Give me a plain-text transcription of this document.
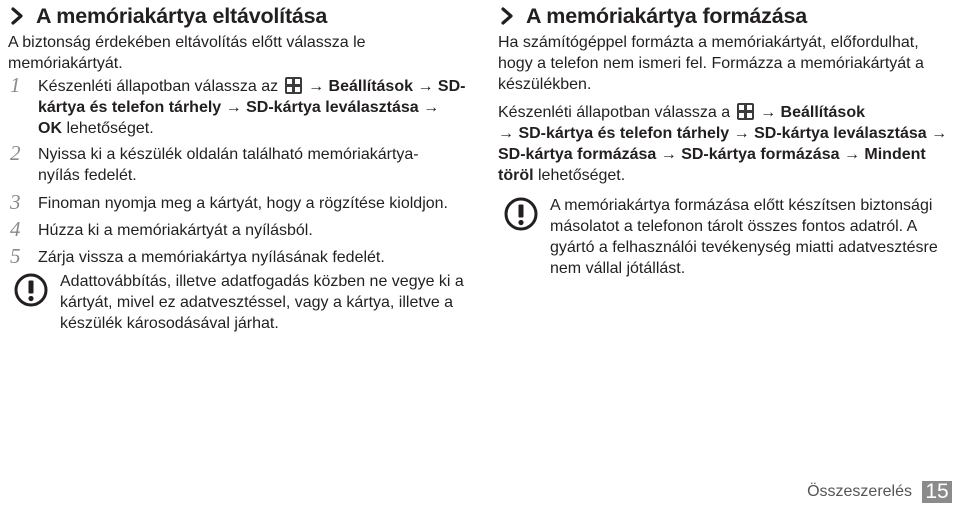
A memóriakártya eltávolítása
A biztonság érdekében eltávolítás előtt válassza le memóriakártyát.
1 Készenléti állapotban válassza az → Beállítások → SD-kártya és telefon tárhely → SD-kártya leválasztása → OK lehetőséget.
2 Nyissa ki a készülék oldalán található memóriakártya-nyílás fedelét.
3 Finoman nyomja meg a kártyát, hogy a rögzítése kioldjon.
4 Húzza ki a memóriakártyát a nyílásból.
5 Zárja vissza a memóriakártya nyílásának fedelét.
Adattovábbítás, illetve adatfogadás közben ne vegye ki a kártyát, mivel ez adatvesztéssel, vagy a kártya, illetve a készülék károsodásával járhat.
A memóriakártya formázása
Ha számítógéppel formázta a memóriakártyát, előfordulhat, hogy a telefon nem ismeri fel. Formázza a memóriakártyát a készülékben.
Készenléti állapotban válassza a → Beállítások
→ SD-kártya és telefon tárhely → SD-kártya leválasztása → SD-kártya formázása → SD-kártya formázása → Mindent töröl lehetőséget.
A memóriakártya formázása előtt készítsen biztonsági másolatot a telefonon tárolt összes fontos adatról. A gyártó a felhasználói tevékenység miatti adatvesztésre nem vállal jótállást.
Összeszerelés 15
